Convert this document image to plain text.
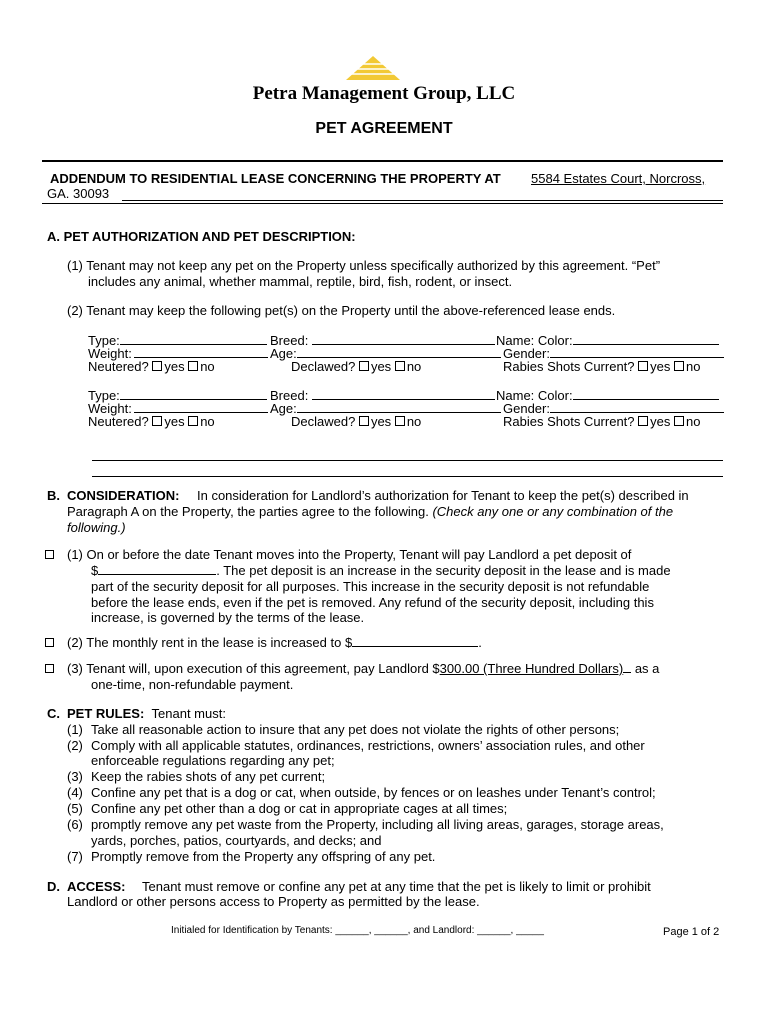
Petra Management Group, LLC
PET AGREEMENT
ADDENDUM TO RESIDENTIAL LEASE CONCERNING THE PROPERTY AT 5584 Estates Court, Norcross,
GA. 30093
A. PET AUTHORIZATION AND PET DESCRIPTION:
(1) Tenant may not keep any pet on the Property unless specifically authorized by this agreement. “Pet”
includes any animal, whether mammal, reptile, bird, fish, rodent, or insect.
(2) Tenant may keep the following pet(s) on the Property until the above-referenced lease ends.
Type:	Breed:	Name: Color:
Weight:	Age:	Gender:
Neutered? yes no	Declawed? yes no	Rabies Shots Current? yes no
Type:	Breed:	Name: Color:
Weight:	Age:	Gender:
Neutered? yes no	Declawed? yes no	Rabies Shots Current? yes no
B. CONSIDERATION: In consideration for Landlord’s authorization for Tenant to keep the pet(s) described in
Paragraph A on the Property, the parties agree to the following. (Check any one or any combination of the
following.)
(1) On or before the date Tenant moves into the Property, Tenant will pay Landlord a pet deposit of
$	. The pet deposit is an increase in the security deposit in the lease and is made
part of the security deposit for all purposes. This increase in the security deposit is not refundable
before the lease ends, even if the pet is removed. Any refund of the security deposit, including this
increase, is governed by the terms of the lease.
(2) The monthly rent in the lease is increased to $	.
(3) Tenant will, upon execution of this agreement, pay Landlord $300.00 (Three Hundred Dollars) as a
one-time, non-refundable payment.
C. PET RULES: Tenant must:
(1) Take all reasonable action to insure that any pet does not violate the rights of other persons;
(2) Comply with all applicable statutes, ordinances, restrictions, owners’ association rules, and other
enforceable regulations regarding any pet;
(3) Keep the rabies shots of any pet current;
(4) Confine any pet that is a dog or cat, when outside, by fences or on leashes under Tenant’s control;
(5) Confine any pet other than a dog or cat in appropriate cages at all times;
(6) promptly remove any pet waste from the Property, including all living areas, garages, storage areas,
yards, porches, patios, courtyards, and decks; and
(7) Promptly remove from the Property any offspring of any pet.
D. ACCESS: Tenant must remove or confine any pet at any time that the pet is likely to limit or prohibit
Landlord or other persons access to Property as permitted by the lease.
Initialed for Identification by Tenants: ______, ______, and Landlord: ______, _____	Page 1 of 2
